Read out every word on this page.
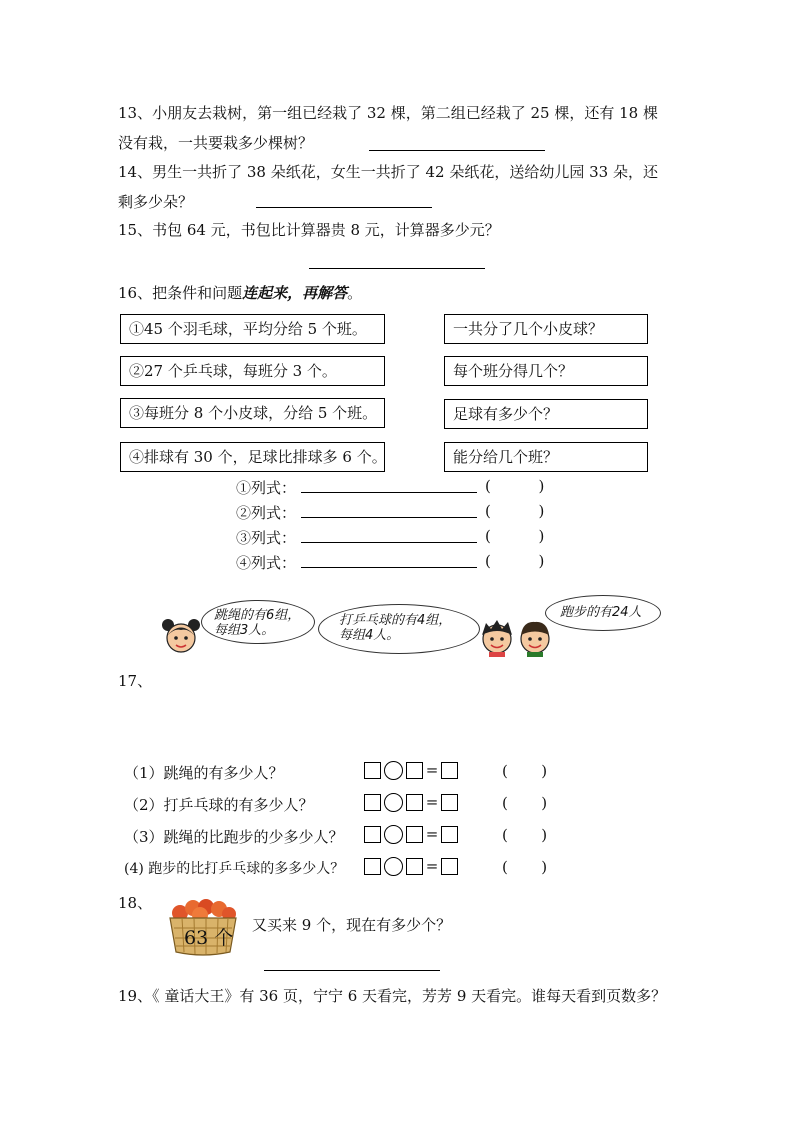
13、小朋友去栽树，第一组已经栽了 32 棵，第二组已经栽了 25 棵，还有 18 棵
没有栽，一共要栽多少棵树？
14、男生一共折了 38 朵纸花，女生一共折了 42 朵纸花，送给幼儿园 33 朵，还
剩多少朵？
15、书包 64 元，书包比计算器贵 8 元，计算器多少元？
16、把条件和问题连起来，再解答。
①45 个羽毛球，平均分给 5 个班。
②27 个乒乓球，每班分 3 个。
③每班分 8 个小皮球，分给 5 个班。
④排球有 30 个，足球比排球多 6 个。
一共分了几个小皮球？
每个班分得几个？
足球有多少个？
能分给几个班？
①列式：	(          )
②列式：	(          )
③列式：	(          )
④列式：	(          )
跳绳的有6组，每组3人。
打乒乓球的有4组，每组4人。
跑步的有24人
17、
（1）跳绳的有多少人？	=	(       )
（2）打乒乓球的有多少人？	=	(       )
（3）跳绳的比跑步的少多少人？	=	(       )
(4) 跑步的比打乒乓球的多多少人？	=	(       )
18、
63 个
又买来 9 个，现在有多少个？
19、《 童话大王》有 36 页，宁宁 6 天看完，芳芳 9 天看完。谁每天看到页数多？
